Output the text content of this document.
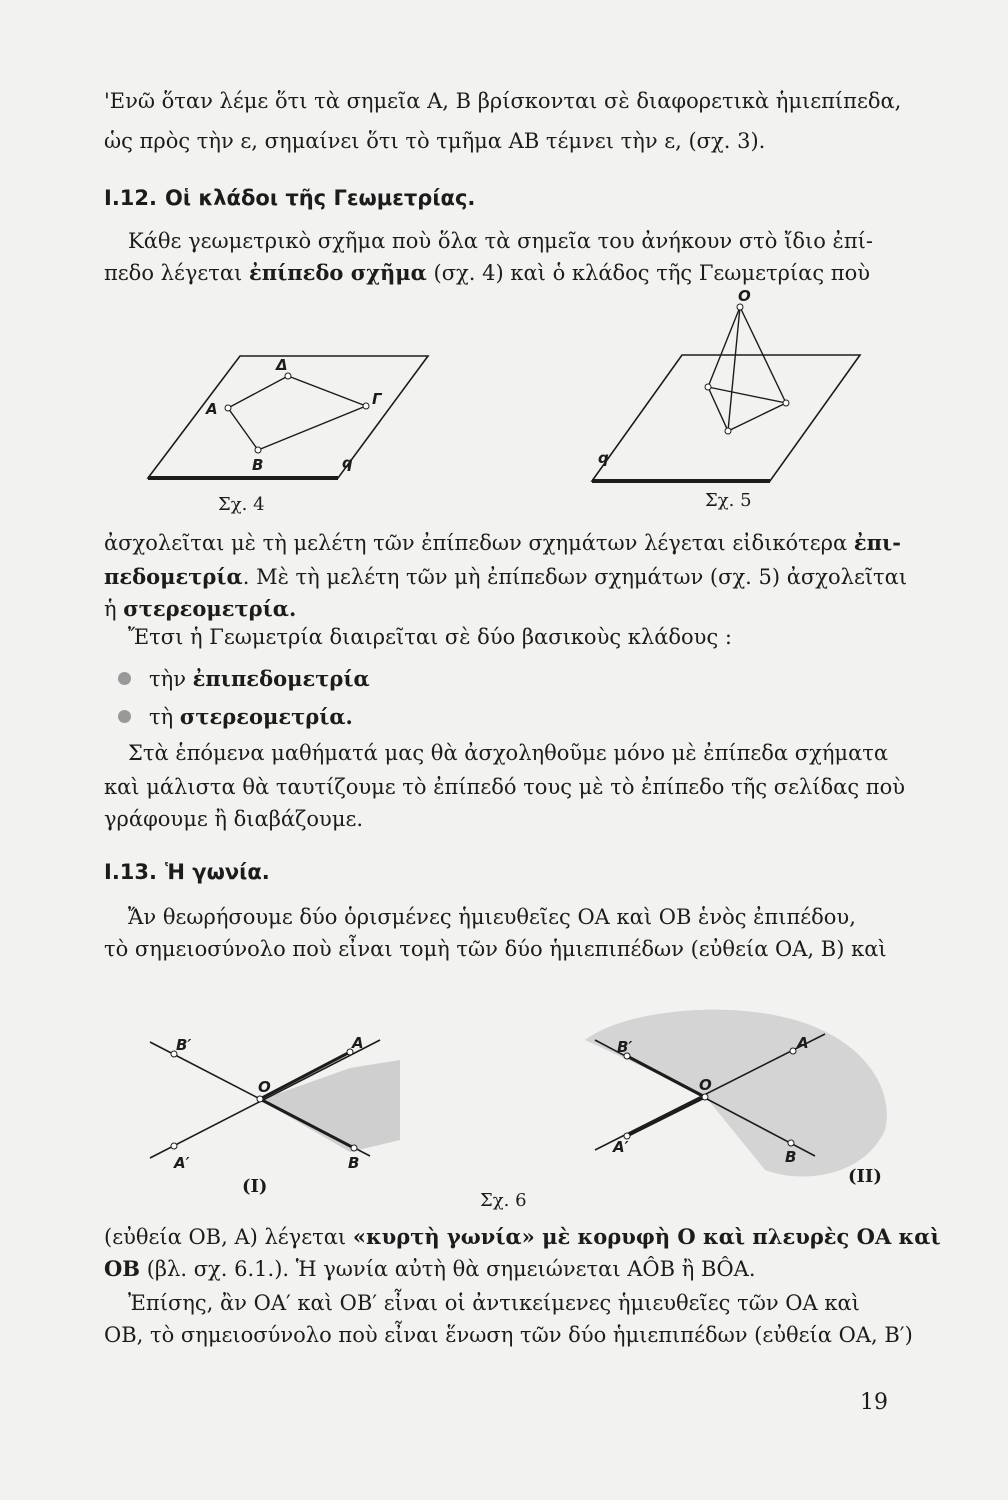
'Ενῶ ὅταν λέμε ὅτι τὰ σημεῖα Α, Β βρίσκονται σὲ διαφορετικὰ ἡμιεπίπεδα,
ὡς πρὸς τὴν ε, σημαίνει ὅτι τὸ τμῆμα ΑΒ τέμνει τὴν ε, (σχ. 3).
I.12. Οἱ κλάδοι τῆς Γεωμετρίας.
Κάθε γεωμετρικὸ σχῆμα ποὺ ὅλα τὰ σημεῖα του ἀνήκουν στὸ ἴδιο ἐπί-
πεδο λέγεται ἐπίπεδο σχῆμα (σχ. 4) καὶ ὁ κλάδος τῆς Γεωμετρίας ποὺ
Δ
Α
Γ
Β	q
Σχ. 4
Ο
q
Σχ. 5
ἀσχολεῖται μὲ τὴ μελέτη τῶν ἐπίπεδων σχημάτων λέγεται εἰδικότερα ἐπι-
πεδομετρία. Μὲ τὴ μελέτη τῶν μὴ ἐπίπεδων σχημάτων (σχ. 5) ἀσχολεῖται
ἡ στερεομετρία.
Ἔτσι ἡ Γεωμετρία διαιρεῖται σὲ δύο βασικοὺς κλάδους :
τὴν ἐπιπεδομετρία
τὴ στερεομετρία.
Στὰ ἑπόμενα μαθήματά μας θὰ ἀσχοληθοῦμε μόνο μὲ ἐπίπεδα σχήματα
καὶ μάλιστα θὰ ταυτίζουμε τὸ ἐπίπεδό τους μὲ τὸ ἐπίπεδο τῆς σελίδας ποὺ
γράφουμε ἢ διαβάζουμε.
I.13. Ἡ γωνία.
Ἄν θεωρήσουμε δύο ὁρισμένες ἡμιευθεῖες ΟΑ καὶ ΟΒ ἑνὸς ἐπιπέδου,
τὸ σημειοσύνολο ποὺ εἶναι τομὴ τῶν δύο ἡμιεπιπέδων (εὐθεία ΟΑ, Β) καὶ
Β′	Α
Ο
Α′	Β
(I)
Β′	Α
Ο
Α′
Β
(II)
Σχ. 6
(εὐθεία ΟΒ, Α) λέγεται «κυρτὴ γωνία» μὲ κορυφὴ Ο καὶ πλευρὲς ΟΑ καὶ
ΟΒ (βλ. σχ. 6.1.). Ἡ γωνία αὐτὴ θὰ σημειώνεται ΑÔΒ ἢ ΒÔΑ.
Ἐπίσης, ἂν ΟΑ′ καὶ ΟΒ′ εἶναι οἱ ἀντικείμενες ἡμιευθεῖες τῶν ΟΑ καὶ
ΟΒ, τὸ σημειοσύνολο ποὺ εἶναι ἕνωση τῶν δύο ἡμιεπιπέδων (εὐθεία ΟΑ, Β′)
19
